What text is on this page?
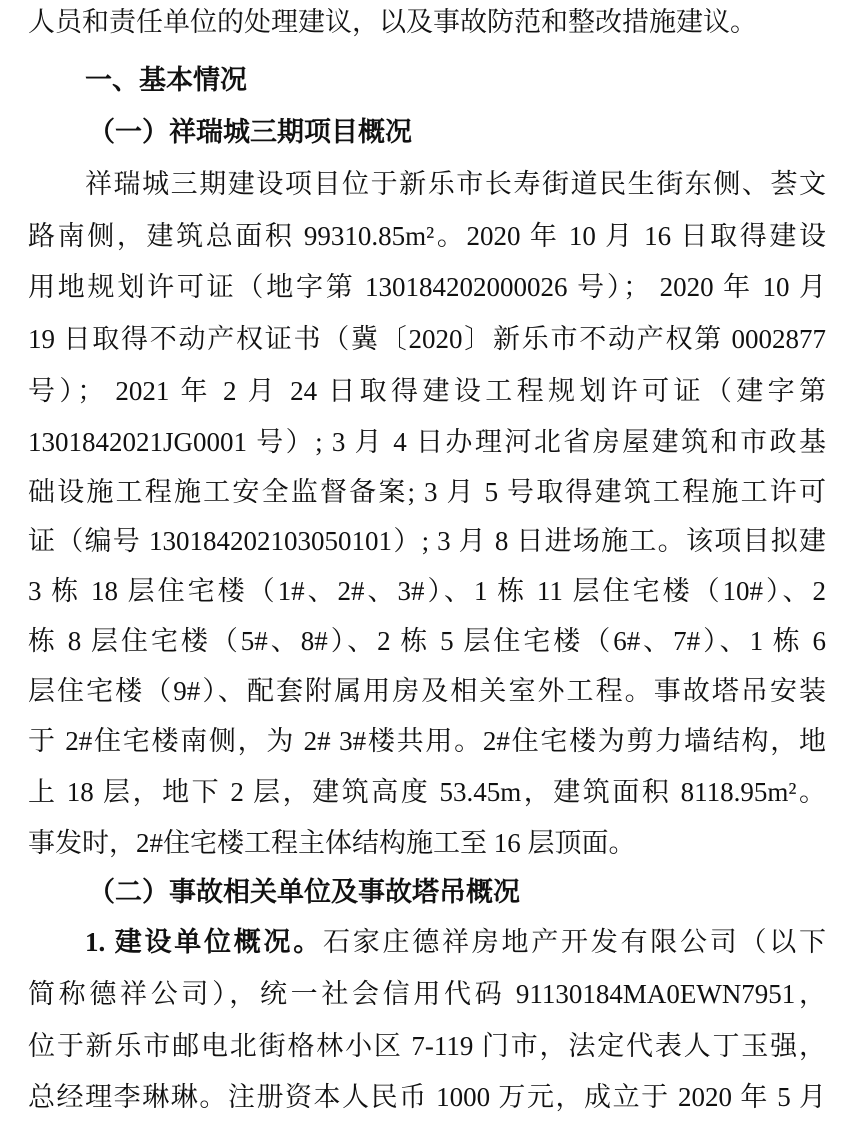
人员和责任单位的处理建议，以及事故防范和整改措施建议。
一、基本情况
（一）祥瑞城三期项目概况
祥瑞城三期建设项目位于新乐市长寿街道民生街东侧、荟文
路南侧，建筑总面积 99310.85m²。2020 年 10 月 16 日取得建设
用地规划许可证（地字第 130184202000026 号）； 2020 年 10 月
19 日取得不动产权证书（冀〔2020〕新乐市不动产权第 0002877
号）； 2021 年 2 月 24 日取得建设工程规划许可证（建字第
1301842021JG0001 号）; 3 月 4 日办理河北省房屋建筑和市政基
础设施工程施工安全监督备案; 3 月 5 号取得建筑工程施工许可
证（编号 130184202103050101）; 3 月 8 日进场施工。该项目拟建
3 栋 18 层住宅楼（1#、2#、3#）、1 栋 11 层住宅楼（10#）、2
栋 8 层住宅楼（5#、8#）、2 栋 5 层住宅楼（6#、7#）、1 栋 6
层住宅楼（9#）、配套附属用房及相关室外工程。事故塔吊安装
于 2#住宅楼南侧，为 2# 3#楼共用。2#住宅楼为剪力墙结构，地
上 18 层，地下 2 层，建筑高度 53.45m，建筑面积 8118.95m²。
事发时，2#住宅楼工程主体结构施工至 16 层顶面。
（二）事故相关单位及事故塔吊概况
1. 建设单位概况。石家庄德祥房地产开发有限公司（以下
简称德祥公司），统一社会信用代码 91130184MA0EWN7951，
位于新乐市邮电北街格林小区 7-119 门市，法定代表人丁玉强，
总经理李琳琳。注册资本人民币 1000 万元，成立于 2020 年 5 月
